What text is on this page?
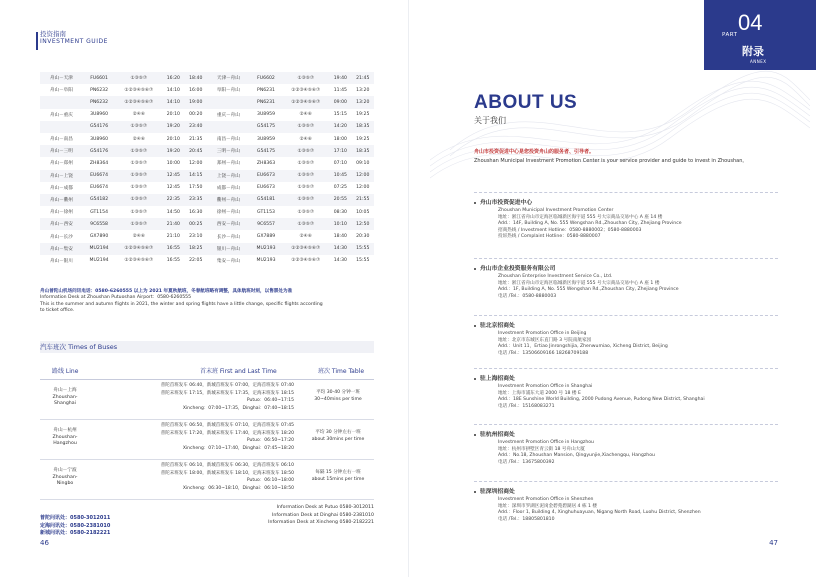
投资指南
INVESTMENT GUIDE
舟山－天津	FU6601	①③⑤⑦	16:20	18:40	天津－舟山	FU6602	①③⑤⑦	19:40	21:45
舟山－阜阳	PN6232	①②③④⑤⑥⑦	14:10	16:00	阜阳－舟山	PN6231	①②③④⑤⑥⑦	11:45	13:20
	PN6232	①②③④⑤⑥⑦	14:10	19:00		PN6231	①②③④⑤⑥⑦	09:00	13:20
舟山－重庆	3U8960	②④⑥	20:10	00:20	重庆－舟山	3U8959	②④⑥	15:15	19:25
	G54176	①③⑤⑦	19:20	23:40		G54175	①③⑤⑦	14:20	18:35
舟山－南昌	3U8960	②④⑥	20:10	21:35	南昌－舟山	3U8959	②④⑥	18:00	19:25
舟山－三明	G54176	①③⑤⑦	19:20	20:45	三明－舟山	G54175	①③⑤⑦	17:10	18:35
舟山－郑州	ZH8364	①③⑤⑦	10:00	12:00	郑州－舟山	ZH8363	①③⑤⑦	07:10	09:10
舟山－上饶	EU6674	①③⑤⑦	12:45	14:15	上饶－舟山	EU6673	①③⑤⑦	10:45	12:00
舟山－成都	EU6674	①③⑤⑦	12:45	17:50	成都－舟山	EU6673	①③⑤⑦	07:25	12:00
舟山－衢州	G54182	①③⑤⑦	22:35	23:35	衢州－舟山	G54181	①③⑤⑦	20:55	21:55
舟山－徐州	GT1154	①③⑤⑦	14:50	16:30	徐州－舟山	GT1153	①③⑤⑦	08:30	10:05
舟山－西安	9C6558	①③⑤⑦	21:40	00:25	西安－舟山	9C6557	①③⑤⑦	10:10	12:50
舟山－长沙	GX7890	②④⑥	21:10	23:10	长沙－舟山	GX7889	②④⑥	18:40	20:30
舟山－集安	MU2194	①②③④⑤⑥⑦	16:55	18:25	银川－舟山	MU2193	①②③④⑤⑥⑦	14:30	15:55
舟山－银川	MU2194	①②③④⑤⑥⑦	16:55	22:05	集安－舟山	MU2193	①②③④⑤⑥⑦	14:30	15:55
舟山普陀山机场问讯电话：0580-6260555 以上为 2021 年夏秋航班，冬春航班略有调整，具体航班时刻，以售票处为准
Information Desk at Zhoushan Putuoshan Airport：0580-6260555
This is the summer and autumn flights in 2021, the winter and spring flights have a little change, specific flights according
to ticket office.
汽车班次 Times of Buses
路线 Line	首末班 First and Last Time	班次 Time Table
舟山－上海
Zhoushan-
Shanghai
普陀首班发车 06:40，新城首班发车 07:00，定海首班发车 07:40
普陀末班发车 17:15，新城末班发车 17:35，定海末班发车 18:15
Putuo：06:40~17:15
Xincheng：07:00~17:35，Dinghai：07:40~18:15
平均 30-40 分钟一班
30~40mins per time
舟山－杭州
Zhoushan-
Hangzhou
普陀首班发车 06:50，新城首班发车 07:10，定海首班发车 07:45
普陀末班发车 17:20，新城末班发车 17:40，定海末班发车 18:20
Putuo：06:50~17:20
Xincheng：07:10~17:40，Dinghai：07:45~18:20
平均 30 分钟左右一班
about 30mins per time
舟山－宁波
Zhoushan-
Ningbo
普陀首班发车 06:10，新城首班发车 06:30，定海首班发车 06:10
普陀末班发车 18:00，新城末班发车 18:10，定海末班发车 18:50
Putuo：06:10~18:00
Xincheng：06:30~18:10，Dinghai：06:10~18:50
每隔 15 分钟左右一班
about 15mins per time
普陀问讯处：0580-3012011
Information Desk at Putuo 0580-3012011
定海问讯处：0580-2381010
Information Desk at Dinghai 0580-2381010
新城问讯处：0580-2182221
Information Desk at Xincheng 0580-2182221
46
04
PART
附录
ANNEX
ABOUT US
关于我们
舟山市投资促进中心是您投资舟山的服务者、引导者。
Zhoushan Municipal Investment Promotion Center is your service provider and guide to invest in Zhoushan。
舟山市投资促进中心
Zhoushan Municipal Investment Promotion Center
地址：浙江省舟山市定海区临城新区海宇道 555 号大宗商品交易中心 A 座 14 楼
Add.：14F, Building A, No. 555 Wengshan Rd.,Zhoushan City, Zhejiang Province
招商热线 / Investment Hotline：0580-8880002；0580-8880003
投诉热线 / Complaint Hotline：0580-8880007
舟山市企业投资服务有限公司
Zhoushan Enterprise Investment Service Co., Ltd.
地址：浙江省舟山市定海区临城新区海宇道 555 号大宗商品交易中心 A 座 1 楼
Add.：1F, Building A, No. 555 Wengshan Rd.,Zhoushan City, Zhejiang Province
电话 /Tel.：0580-8880003
驻北京招商处
Investment Promotion Office in Beijing
地址：北京市东城区东直门路 3 号院南航家园
Add.：Unit 11，Ertiao Jinrongshijia, Zhenwumiao, Xicheng District, Beijing
电话 /Tel.：13506609166 18268709188
驻上海招商处
Investment Promotion Office in Shanghai
地址：上海市浦东大道 2000 号 18 楼 E
Add.：18E Sunshine World Building, 2000 Pudong Avenue, Pudong New District, Shanghai
电话 /Tel.：15168083271
驻杭州招商处
Investment Promotion Office in Hangzhou
地址：杭州市拱墅区青云街 18 号舟山大厦
Add.：No.18, Zhoushan Mansion, Qingyunjie,Xiachengqu, Hangzhou
电话 /Tel.：13675800392
驻深圳招商处
Investment Promotion Office in Shenzhen
地址：深圳市罗湖区泥岗金碧苑碧湖居 4 栋 1 楼
Add.：Floor 1, Building 4, Xinghuhuayuan, Nigang North Road, Luohu District, Shenzhen
电话 /Tel.：18805801810
47
